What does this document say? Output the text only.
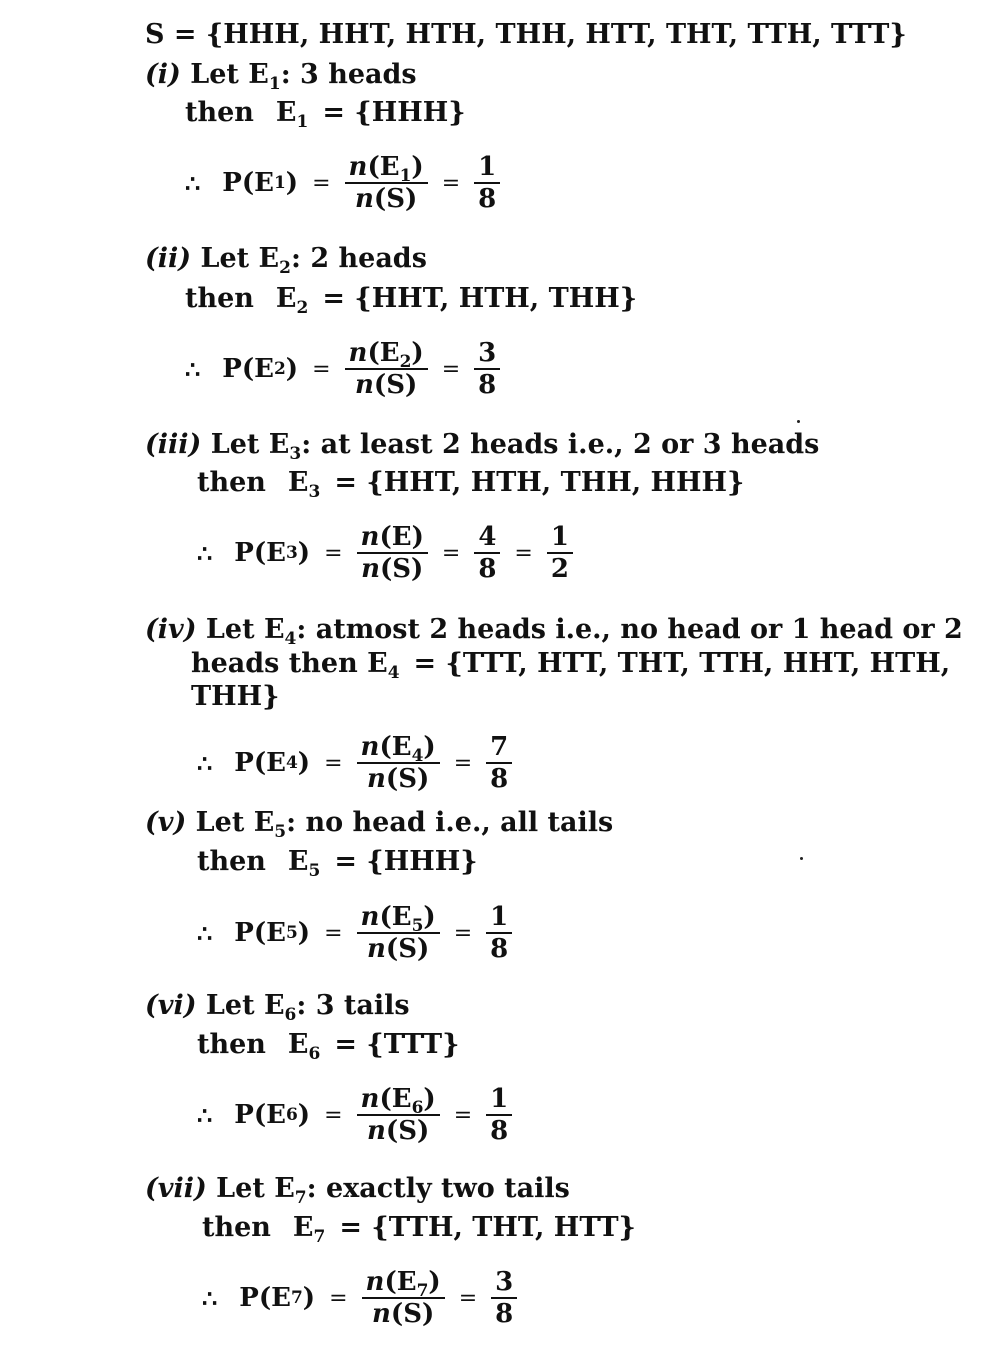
S = {HHH, HHT, HTH, THH, HTT, THT, TTH, TTT}
(i) Let $E_1$: 3 heads
then $E_1 = \{HHH\}$
∴ P(E 1 ) = $\frac{n(E_1)}{n(S)} = \frac{1}{8}$
(ii) Let $E_2$: 2 heads
then $E_2 = \{HHT$, HTH, THH}
∴ P(E 2 ) = $\frac{n(E_2)}{n(S)} = \frac{3}{8}$
(iii) Let $E_3$: at least 2 heads i.e., 2 or 3 heads
then $E_3 = \{HHT$, HTH, THH, HHH}
∴ P(E 3 ) = $\frac{n(E)}{n(S)} = \frac{4}{8} = \frac{1}{2}$
(iv) Let $E_4$: atmost 2 heads i.e., no head or 1 head or 2
heads then $E_4 = \{TTT$, HTT, THT, TTH, HHT, HTH,
THH}
∴ P(E 4 ) = $\frac{n(E_4)}{n(S)} = \frac{7}{8}$
(v) Let $E_5$: no head i.e., all tails
then $E_5 = \{HHH\}$
∴ P(E 5 ) = $\frac{n(E_5)}{n(S)} = \frac{1}{8}$
(vi) Let $E_6$: 3 tails
then $E_6 = \{TTT\}$
∴ P(E 6 ) = $\frac{n(E_6)}{n(S)} = \frac{1}{8}$
(vii) Let $E_7$: exactly two tails
then $E_7 = \{TTH$, THT, HTT}
∴ P(E 7 ) = $\frac{n(E_7)}{n(S)} = \frac{3}{8}$
